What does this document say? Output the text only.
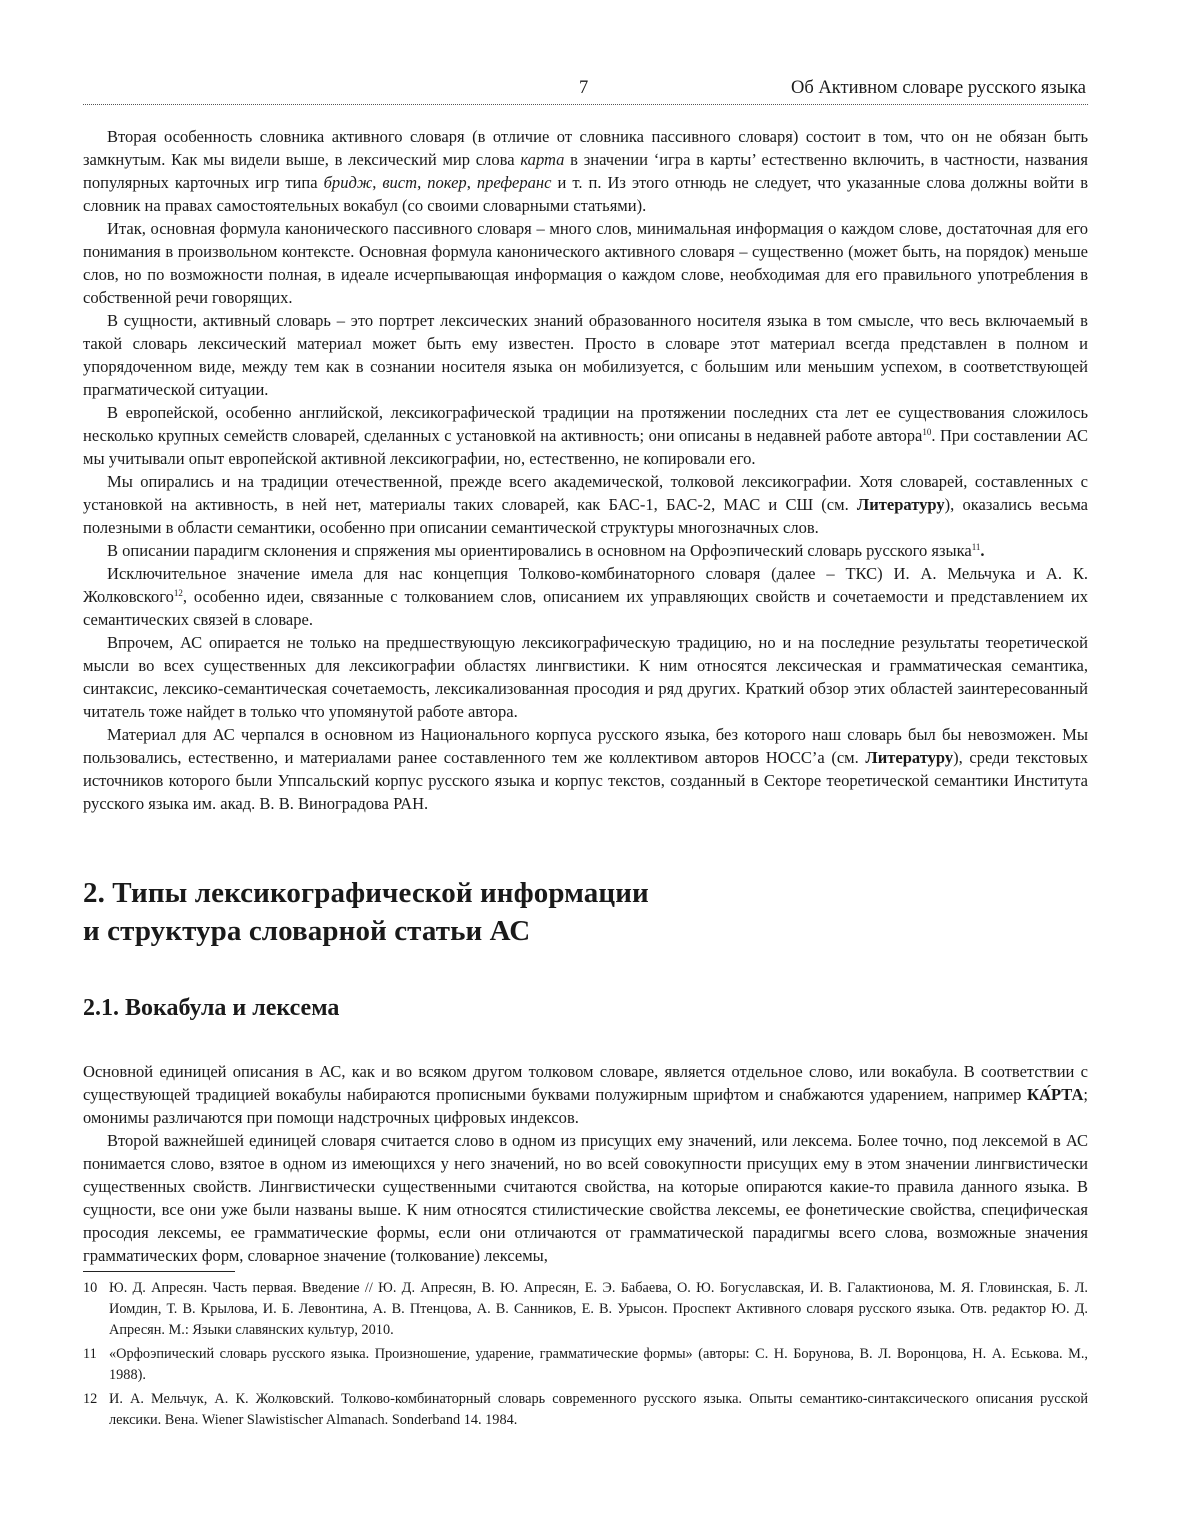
7	Об Активном словаре русского языка

Вторая особенность словника активного словаря (в отличие от словника пассивного словаря) состоит в том, что он не обязан быть замкнутым. Как мы видели выше, в лексический мир слова карта в значении ‘игра в карты’ естественно включить, в частности, названия популярных карточных игр типа бридж, вист, покер, преферанс и т. п. Из этого отнюдь не следует, что указанные слова должны войти в словник на правах самостоятельных вокабул (со своими словарными статьями).

Итак, основная формула канонического пассивного словаря – много слов, минимальная информация о каждом слове, достаточная для его понимания в произвольном контексте. Основная формула канонического активного словаря – существенно (может быть, на порядок) меньше слов, но по возможности полная, в идеале исчерпывающая информация о каждом слове, необходимая для его правильного употребления в собственной речи говорящих.

В сущности, активный словарь – это портрет лексических знаний образованного носителя языка в том смысле, что весь включаемый в такой словарь лексический материал может быть ему известен. Просто в словаре этот материал всегда представлен в полном и упорядоченном виде, между тем как в сознании носителя языка он мобилизуется, с большим или меньшим успехом, в соответствующей прагматической ситуации.

В европейской, особенно английской, лексикографической традиции на протяжении последних ста лет ее существования сложилось несколько крупных семейств словарей, сделанных с установкой на активность; они описаны в недавней работе автора$^{10}$. При составлении АС мы учитывали опыт европейской активной лексикографии, но, естественно, не копировали его.

Мы опирались и на традиции отечественной, прежде всего академической, толковой лексикографии. Хотя словарей, составленных с установкой на активность, в ней нет, материалы таких словарей, как БАС-1, БАС-2, МАС и СШ (см. Литературу), оказались весьма полезными в области семантики, особенно при описании семантической структуры многозначных слов.

В описании парадигм склонения и спряжения мы ориентировались в основном на Орфоэпический словарь русского языка$^{11}$.

Исключительное значение имела для нас концепция Толково-комбинаторного словаря (далее – ТКС) И. А. Мельчука и А. К. Жолковского$^{12}$, особенно идеи, связанные с толкованием слов, описанием их управляющих свойств и сочетаемости и представлением их семантических связей в словаре.

Впрочем, АС опирается не только на предшествующую лексикографическую традицию, но и на последние результаты теоретической мысли во всех существенных для лексикографии областях лингвистики. К ним относятся лексическая и грамматическая семантика, синтаксис, лексико-семантическая сочетаемость, лексикализованная просодия и ряд других. Краткий обзор этих областей заинтересованный читатель тоже найдет в только что упомянутой работе автора.

Материал для АС черпался в основном из Национального корпуса русского языка, без которого наш словарь был бы невозможен. Мы пользовались, естественно, и материалами ранее составленного тем же коллективом авторов НОСС’а (см. Литературу), среди текстовых источников которого были Уппсальский корпус русского языка и корпус текстов, созданный в Секторе теоретической семантики Института русского языка им. акад. В. В. Виноградова РАН.

2. Типы лексикографической информации
и структура словарной статьи АС
2.1. Вокабула и лексема

Основной единицей описания в АС, как и во всяком другом толковом словаре, является отдельное слово, или вокабула. В соответствии с существующей традицией вокабулы набираются прописными буквами полужирным шрифтом и снабжаются ударением, например КА́РТА; омонимы различаются при помощи надстрочных цифровых индексов.

Второй важнейшей единицей словаря считается слово в одном из присущих ему значений, или лексема. Более точно, под лексемой в АС понимается слово, взятое в одном из имеющихся у него значений, но во всей совокупности присущих ему в этом значении лингвистически существенных свойств. Лингвистически существенными считаются свойства, на которые опираются какие-то правила данного языка. В сущности, все они уже были названы выше. К ним относятся стилистические свойства лексемы, ее фонетические свойства, специфическая просодия лексемы, ее грамматические формы, если они отличаются от грамматической парадигмы всего слова, возможные значения грамматических форм, словарное значение (толкование) лексемы,

10 Ю. Д. Апресян. Часть первая. Введение // Ю. Д. Апресян, В. Ю. Апресян, Е. Э. Бабаева, О. Ю. Богуславская, И. В. Галактионова, М. Я. Гловинская, Б. Л. Иомдин, Т. В. Крылова, И. Б. Левонтина, А. В. Птенцова, А. В. Санников, Е. В. Урысон. Проспект Активного словаря русского языка. Отв. редактор Ю. Д. Апресян. М.: Языки славянских культур, 2010.
11 «Орфоэпический словарь русского языка. Произношение, ударение, грамматические формы» (авторы: С. Н. Борунова, В. Л. Воронцова, Н. А. Еськова. М., 1988).
12 И. А. Мельчук, А. К. Жолковский. Толково-комбинаторный словарь современного русского языка. Опыты семантико-синтаксического описания русской лексики. Вена. Wiener Slawistischer Almanach. Sonderband 14. 1984.
